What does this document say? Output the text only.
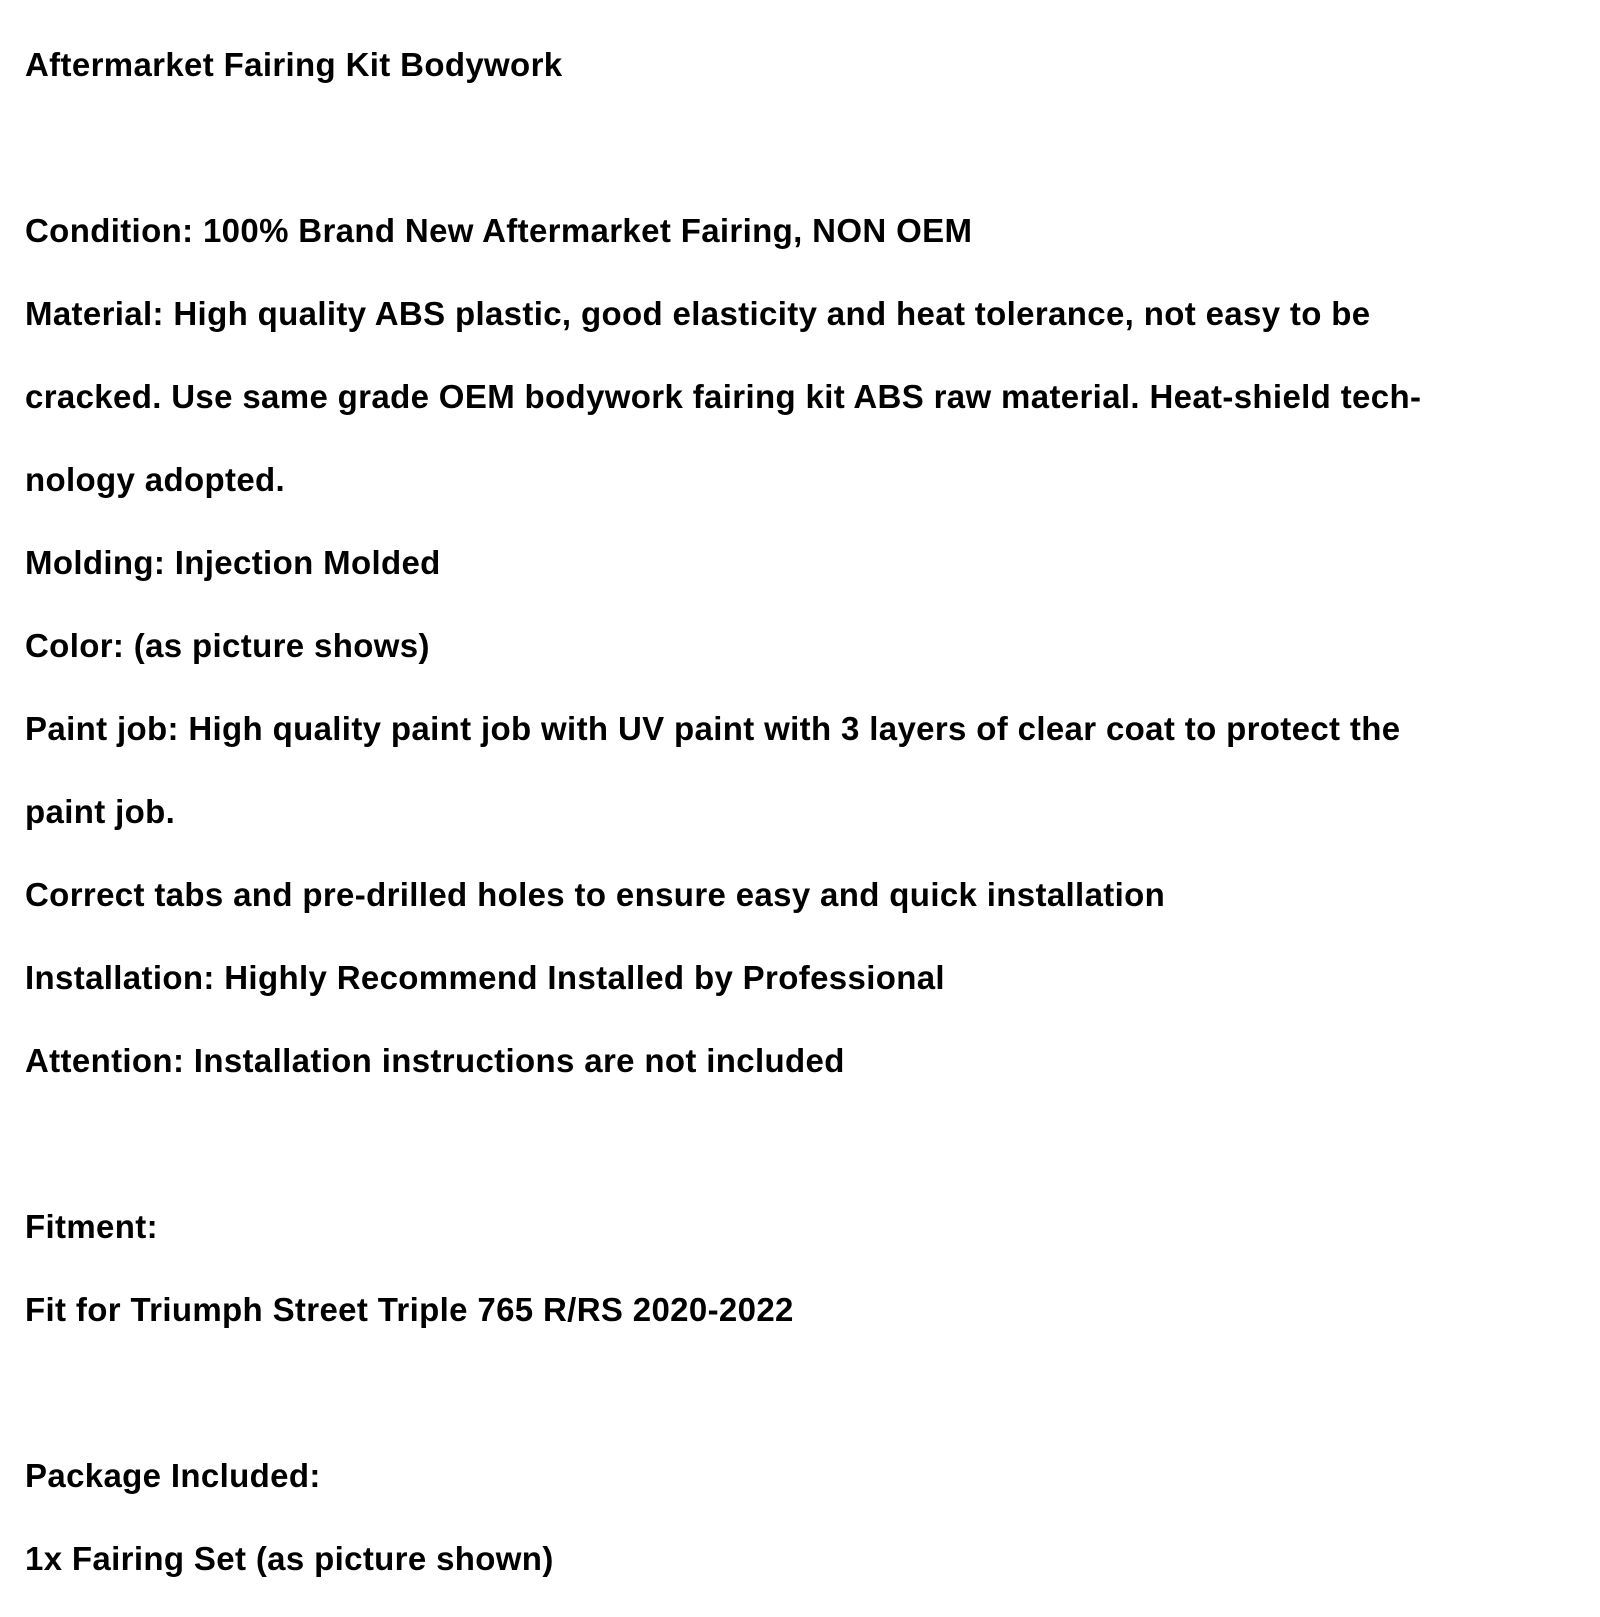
Aftermarket Fairing Kit Bodywork
Condition: 100% Brand New Aftermarket Fairing, NON OEM
Material: High quality ABS plastic, good elasticity and heat tolerance, not easy to be
cracked. Use same grade OEM bodywork fairing kit ABS raw material. Heat-shield tech-
nology adopted.
Molding: Injection Molded
Color: (as picture shows)
Paint job: High quality paint job with UV paint with 3 layers of clear coat to protect the
paint job.
Correct tabs and pre-drilled holes to ensure easy and quick installation
Installation: Highly Recommend Installed by Professional
Attention: Installation instructions are not included
Fitment:
Fit for Triumph Street Triple 765 R/RS 2020-2022
Package Included:
1x Fairing Set (as picture shown)
